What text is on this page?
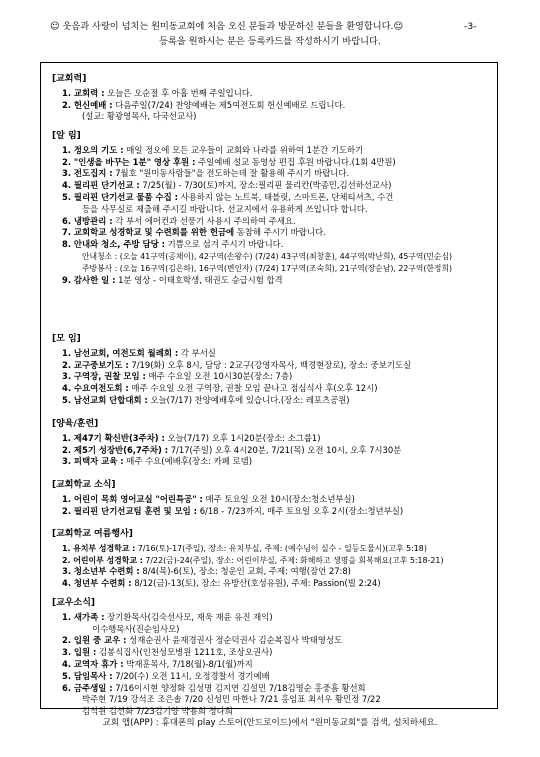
☺ 웃음과 사랑이 넘치는 원미동교회에 처음 오신 분들과 방문하신 분들을 환영합니다.☺	-3-
등록을 원하시는 분은 등록카드를 작성하시기 바랍니다.
[교회력]
1. 교회력 : 오늘은 오순절 후 아홉 번째 주일입니다.
2. 헌신예배 : 다음주일(7/24) 찬양예배는 제5여전도회 헌신예배로 드립니다.
(설교: 황광영목사, 다국선교사)
[알 림]
1. 정오의 기도 : 매일 정오에 모든 교우들이 교회와 나라를 위하여 1분간 기도하기
2. "인생을 바꾸는 1분" 영상 후원 : 주일예배 설교 동영상 편집 후원 바랍니다.(1회 4만원)
3. 전도집지 : 7월호 "원미동사람들"을 전도하는데 잘 활용해 주시기 바랍니다.
4. 필리핀 단기선교 : 7/25(월) - 7/30(토)까지, 장소:필리핀 물리칸(박종민,김선하선교사)
5. 필리핀 단기선교 물품 수집 : 사용하지 않는 노트북, 태블릿, 스마트폰, 단체티셔츠, 수건
등을 사무실로 제출해 주시길 바랍니다. 선교지에서 유용하게 쓰입니다 합니다.
6. 냉방관리 : 각 부서 에어컨과 선풍기 사용시 주의하여 주세요.
7. 교회학교 성경학교 및 수련회를 위한 헌금에 동참해 주시기 바랍니다.
8. 안내와 청소, 주방 담당 : 기쁨으로 섬겨 주시기 바랍니다.
안내청소 : (오늘 41구역(공채이), 42구역(손왕수) (7/24) 43구역(최창훈), 44구역(박난희), 45구역(민순심)
주방봉사 : (오늘 16구역(김은하), 16구역(변인자) (7/24) 17구역(조숙희), 21구역(장순남), 22구역(한정희)
9. 감사한 일 : 1분 영상 - 이태호학생, 태권도 승급시험 합격
[모 임]
1. 남선교회, 여전도회 월례회 : 각 부서실
2. 교구중보기도 : 7/19(화) 오후 8시, 담당 : 2교구(강영자목사, 백경현장로), 장소: 중보기도실
3. 구역장, 권찰 모임 : 매주 수요일 오전 10시30분(장소: 7층)
4. 수요여전도회 : 매주 수요일 오전 구역장, 권찰 모임 끝나고 점심식사 후(오후 12시)
5. 남선교회 단합대회 : 오늘(7/17) 찬양예배후에 있습니다.(장소: 레포츠공원)
[양육/훈련]
1. 제47기 확신반(3주차) : 오늘(7/17) 오후 1시20분(장소: 소그룹1)
2. 제5기 성장반(6,7주차) : 7/17(주일) 오후 4시20분, 7/21(목) 오전 10시, 오후 7시30분
3. 피택자 교육 : 매주 수요(예배후(장소: 카페 로뎀)
[교회학교 소식]
1. 어린이 목회 영어교실 "어린특공" : 매주 토요일 오전 10시(장소:청소년부실)
2. 필리핀 단기선교팀 훈련 및 모임 : 6/18 - 7/23까지, 매주 토요일 오후 2시(장소:청년부실)
[교회학교 여름행사]
1. 유치부 성경학교 : 7/16(토)-17(주일), 장소: 유치부실, 주제: (예수님이 실수 - 일등도물시)(고후 5:18)
2. 어린이부 성경학교 : 7/22(금)-24(주일), 장소: 어린이부실, 주제: 화해하고 생명을 회복해요(고후 5:18-21)
3. 청소년부 수련회 : 8/4(목)-6(토), 장소: 청운인 교회, 주제: 여행(잠언 27:8)
4. 청년부 수련회 : 8/12(금)-13(토), 장소: 유방산(호성유원), 주제: Passion(빌 2:24)
[교우소식]
1. 새가족 : 장기환목사(김숙선사모, 재욱 재윤 유진 재익)
이수행목사(진순임사모)
2. 입원 중 교우 : 성재순권사 윤재경권사 정순덕권사 김순복집사 박태영성도
3. 입원 : 김봉식집사(인천성모병원 1211호, 조상오권사)
4. 교역자 휴가 : 박재훈목사, 7/18(월)-8/1(월)까지
5. 담임목사 : 7/20(수) 오전 11시, 오정경찰서 경기예배
6. 금주생일 : 7/16이시현 양정화 김성명 김지연 김설민 7/18김명순 홍중흠 황선희
박주현 7/19 강석조 조은솔 7/20 신성민 마한나 7/21 홍임표 최서우 황민정 7/22
김석원 김선화 7/23김기양 박용희 정다희
교회 앱(APP) : 휴대폰의 play 스토어(안드로이드)에서 "원미동교회"를 검색, 설치하세요.
